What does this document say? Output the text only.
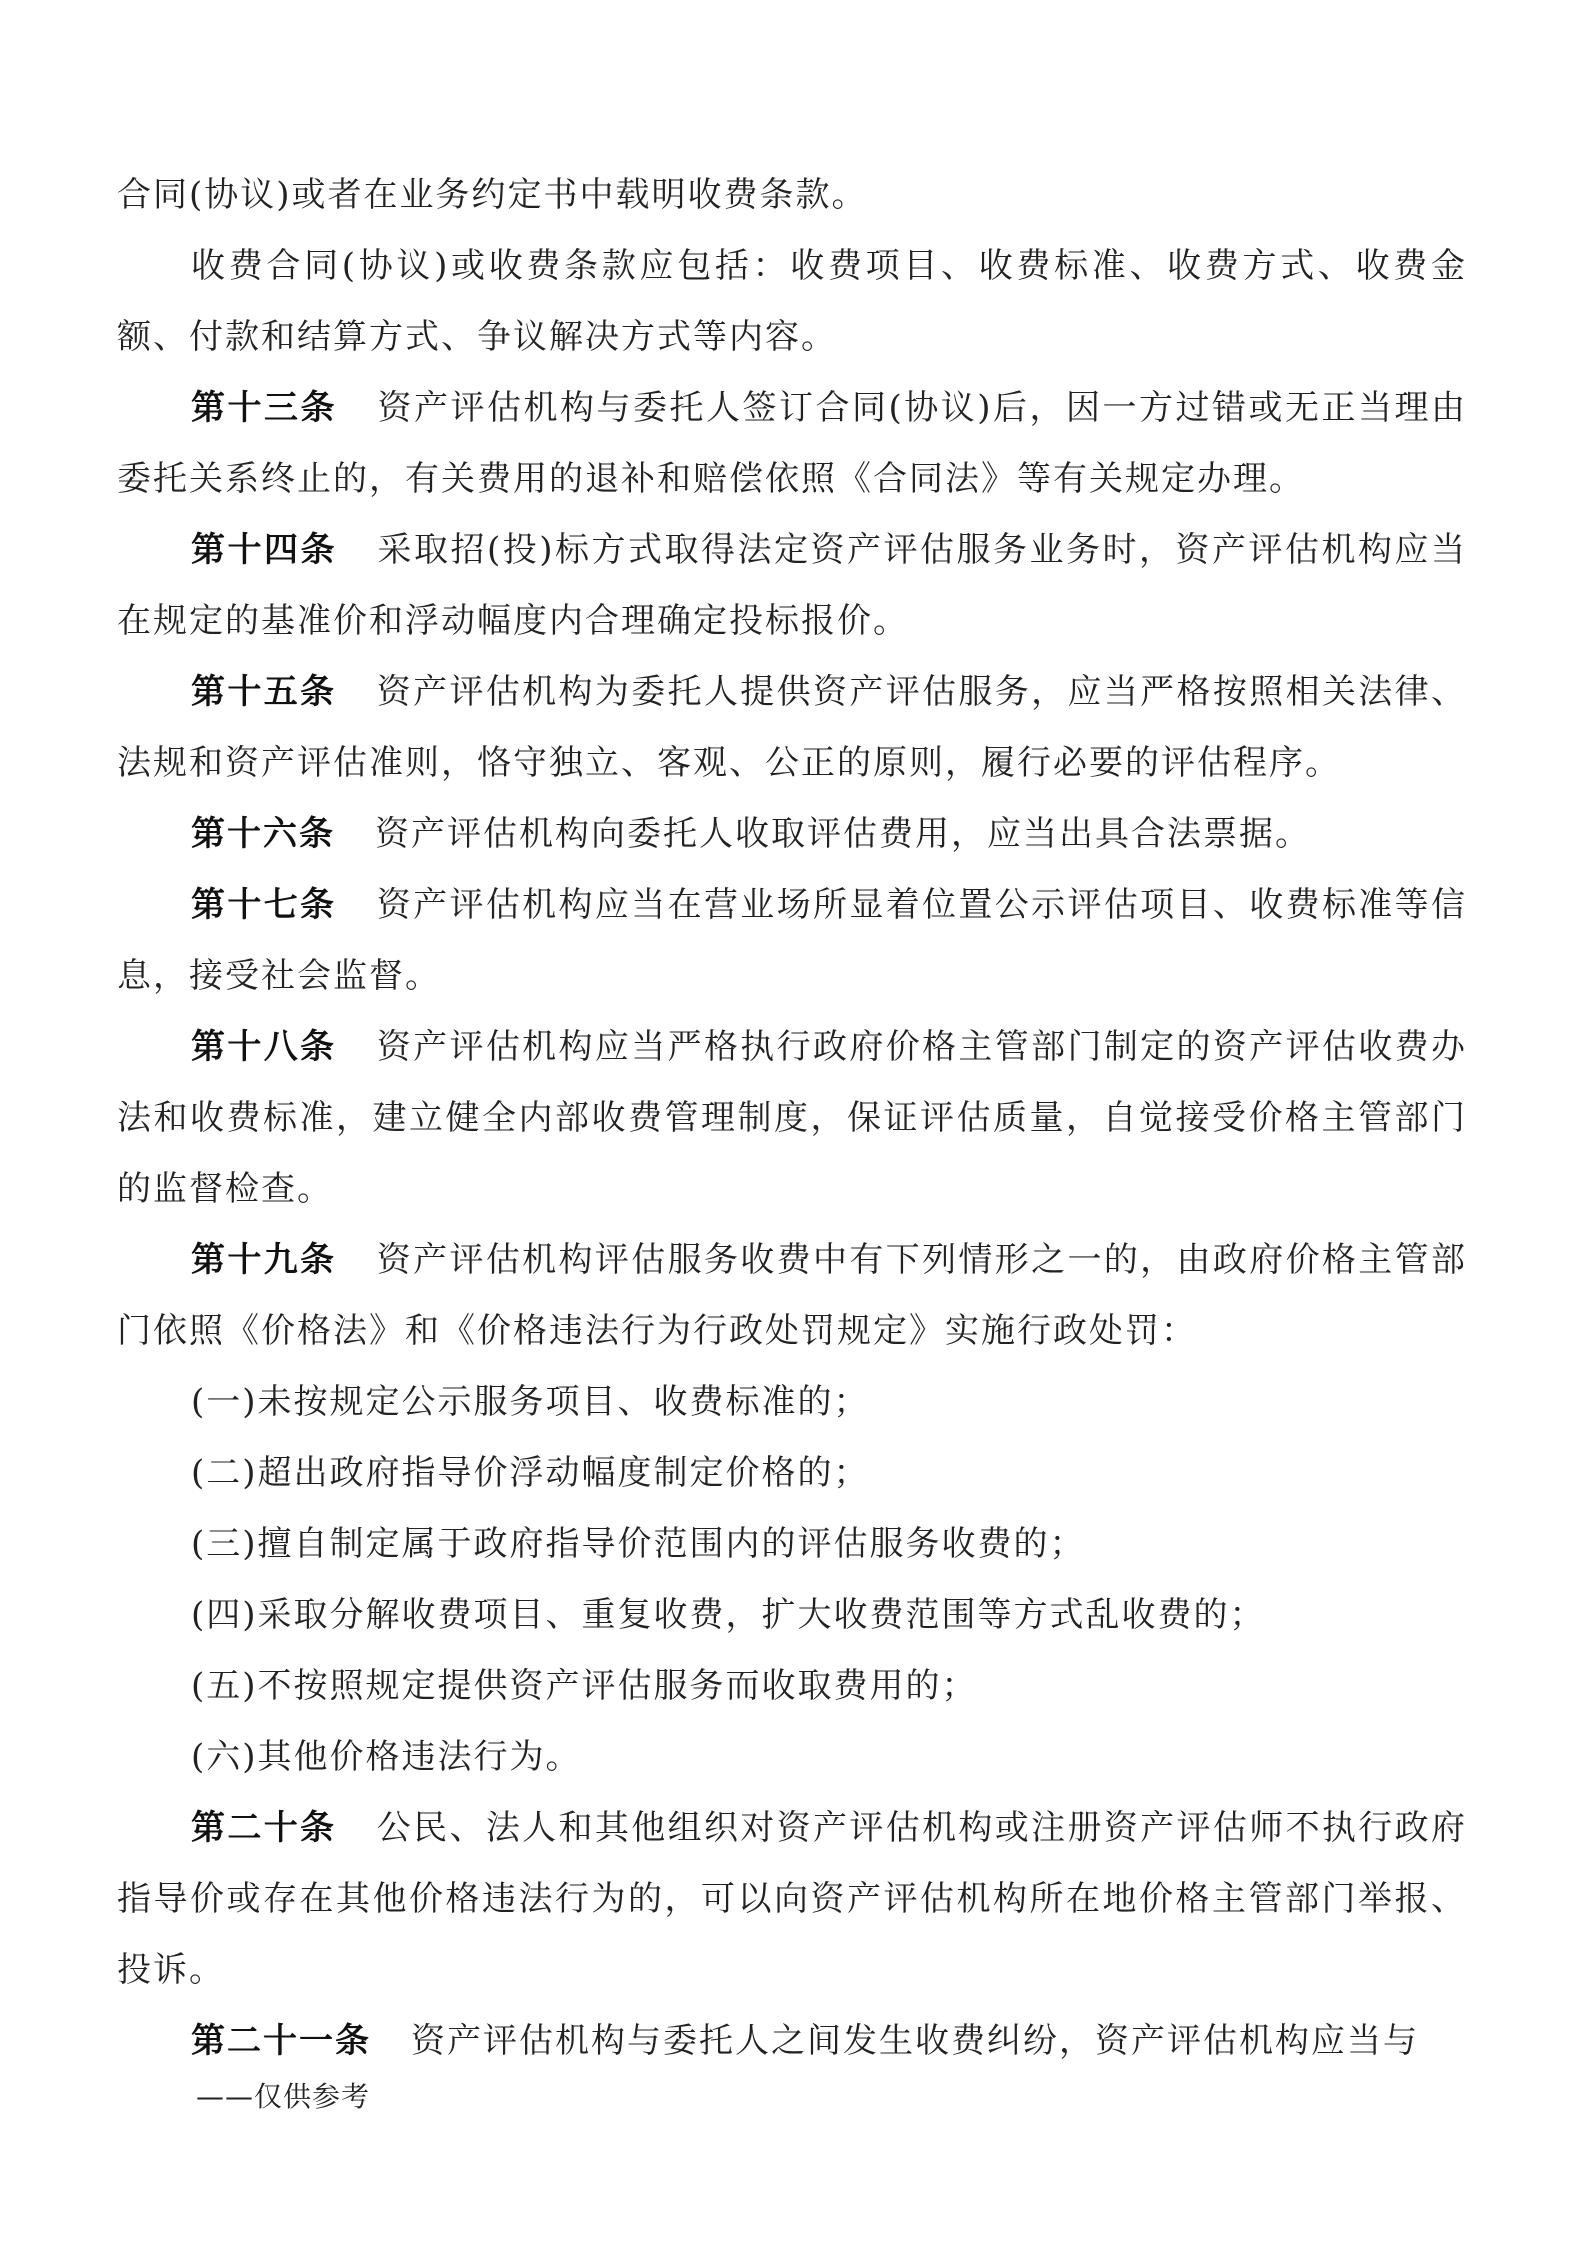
合同(协议)或者在业务约定书中载明收费条款。

收费合同(协议)或收费条款应包括：收费项目、收费标准、收费方式、收费金额、付款和结算方式、争议解决方式等内容。

第十三条 资产评估机构与委托人签订合同(协议)后，因一方过错或无正当理由委托关系终止的，有关费用的退补和赔偿依照《合同法》等有关规定办理。

第十四条 采取招(投)标方式取得法定资产评估服务业务时，资产评估机构应当在规定的基准价和浮动幅度内合理确定投标报价。

第十五条 资产评估机构为委托人提供资产评估服务，应当严格按照相关法律、法规和资产评估准则，恪守独立、客观、公正的原则，履行必要的评估程序。

第十六条 资产评估机构向委托人收取评估费用，应当出具合法票据。

第十七条 资产评估机构应当在营业场所显着位置公示评估项目、收费标准等信息，接受社会监督。

第十八条 资产评估机构应当严格执行政府价格主管部门制定的资产评估收费办法和收费标准，建立健全内部收费管理制度，保证评估质量，自觉接受价格主管部门的监督检查。

第十九条 资产评估机构评估服务收费中有下列情形之一的，由政府价格主管部门依照《价格法》和《价格违法行为行政处罚规定》实施行政处罚：

(一)未按规定公示服务项目、收费标准的；

(二)超出政府指导价浮动幅度制定价格的；

(三)擅自制定属于政府指导价范围内的评估服务收费的；

(四)采取分解收费项目、重复收费，扩大收费范围等方式乱收费的；

(五)不按照规定提供资产评估服务而收取费用的；

(六)其他价格违法行为。

第二十条 公民、法人和其他组织对资产评估机构或注册资产评估师不执行政府指导价或存在其他价格违法行为的，可以向资产评估机构所在地价格主管部门举报、投诉。

第二十一条 资产评估机构与委托人之间发生收费纠纷，资产评估机构应当与

——仅供参考
